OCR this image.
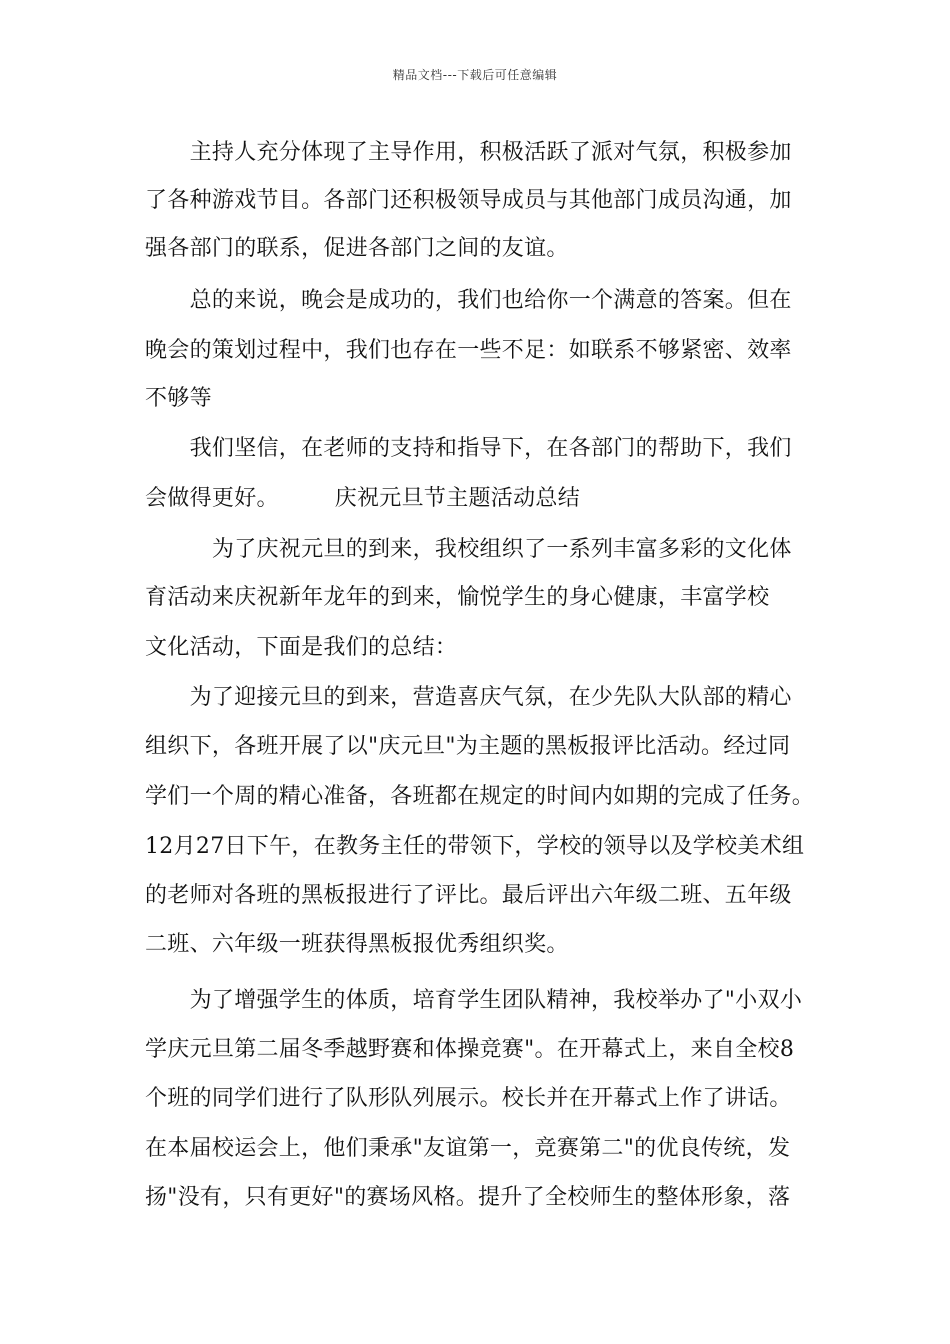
精品文档---下载后可任意编辑
　　主持人充分体现了主导作用，积极活跃了派对气氛，积极参加
了各种游戏节目。各部门还积极领导成员与其他部门成员沟通，加
强各部门的联系，促进各部门之间的友谊。
　　总的来说，晚会是成功的，我们也给你一个满意的答案。但在
晚会的策划过程中，我们也存在一些不足：如联系不够紧密、效率
不够等
　　我们坚信，在老师的支持和指导下，在各部门的帮助下，我们
会做得更好。　　　庆祝元旦节主题活动总结
　　　为了庆祝元旦的到来，我校组织了一系列丰富多彩的文化体
育活动来庆祝新年龙年的到来，愉悦学生的身心健康，丰富学校
文化活动，下面是我们的总结：
　　为了迎接元旦的到来，营造喜庆气氛，在少先队大队部的精心
组织下，各班开展了以"庆元旦"为主题的黑板报评比活动。经过同
学们一个周的精心准备，各班都在规定的时间内如期的完成了任务。
12月27日下午，在教务主任的带领下，学校的领导以及学校美术组
的老师对各班的黑板报进行了评比。最后评出六年级二班、五年级
二班、六年级一班获得黑板报优秀组织奖。
　　为了增强学生的体质，培育学生团队精神，我校举办了"小双小
学庆元旦第二届冬季越野赛和体操竞赛"。在开幕式上，来自全校8
个班的同学们进行了队形队列展示。校长并在开幕式上作了讲话。
在本届校运会上，他们秉承"友谊第一，竞赛第二"的优良传统，发
扬"没有，只有更好"的赛场风格。提升了全校师生的整体形象，落
